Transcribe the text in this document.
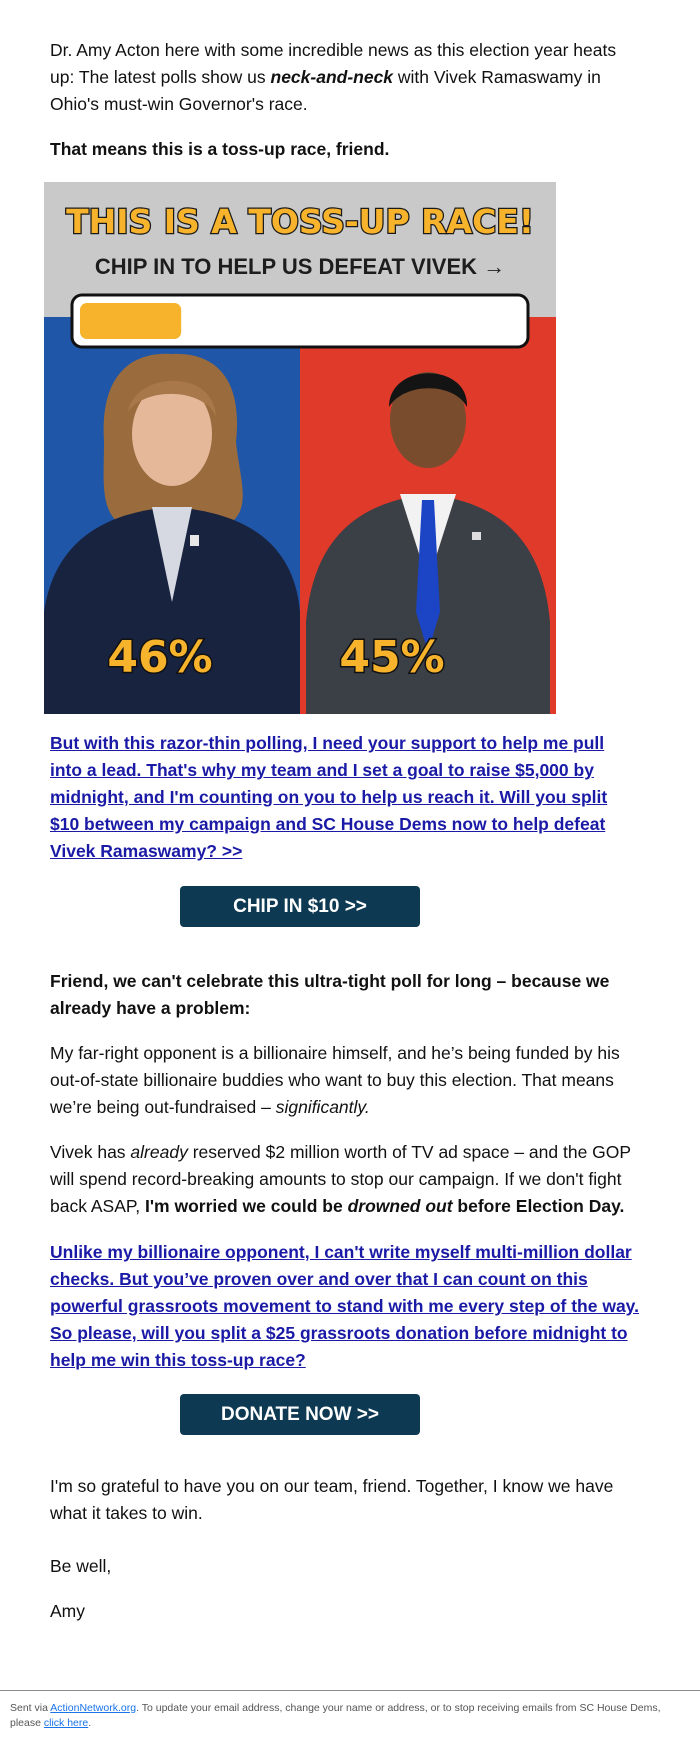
Dr. Amy Acton here with some incredible news as this election year heats up: The latest polls show us neck-and-neck with Vivek Ramaswamy in Ohio's must-win Governor's race.

That means this is a toss-up race, friend.

But with this razor-thin polling, I need your support to help me pull into a lead. That's why my team and I set a goal to raise $5,000 by midnight, and I'm counting on you to help us reach it. Will you split $10 between my campaign and SC House Dems now to help defeat Vivek Ramaswamy? >>

Friend, we can't celebrate this ultra-tight poll for long – because we already have a problem:

My far-right opponent is a billionaire himself, and he’s being funded by his out-of-state billionaire buddies who want to buy this election. That means we’re being out-fundraised – significantly.

Vivek has already reserved $2 million worth of TV ad space – and the GOP will spend record-breaking amounts to stop our campaign. If we don't fight back ASAP, I'm worried we could be drowned out before Election Day.

Unlike my billionaire opponent, I can't write myself multi-million dollar checks. But you’ve proven over and over that I can count on this powerful grassroots movement to stand with me every step of the way. So please, will you split a $25 grassroots donation before midnight to help me win this toss-up race?

I'm so grateful to have you on our team, friend. Together, I know we have what it takes to win.

Be well,

Amy

THIS IS A TOSS-UP RACE!
CHIP IN TO HELP US DEFEAT VIVEK →
46%	45%
CHIP IN $10 >>
DONATE NOW >>
Sent via ActionNetwork.org. To update your email address, change your name or address, or to stop receiving emails from SC House Dems, please click here.
